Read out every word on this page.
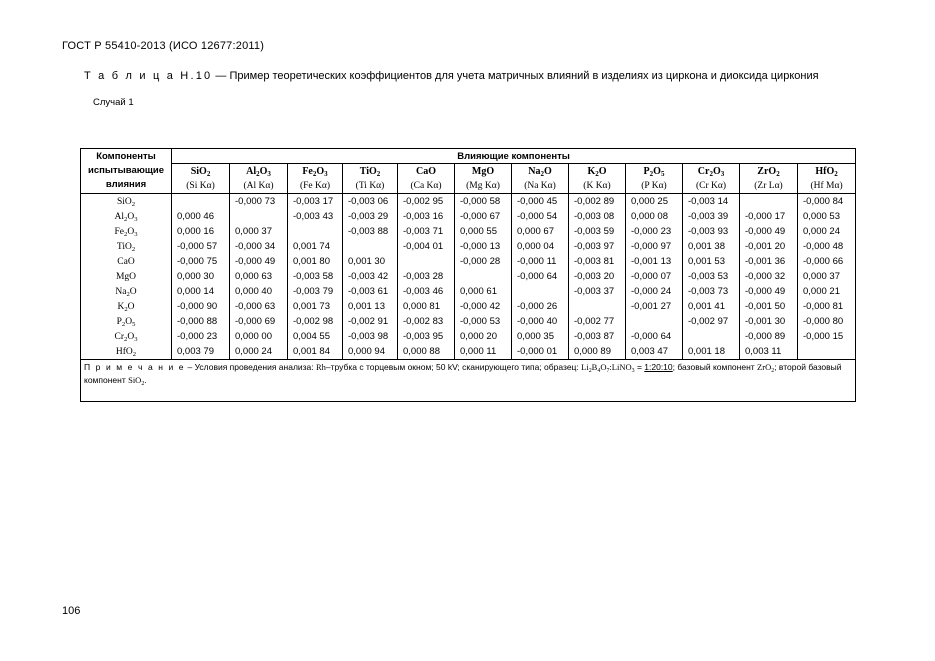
ГОСТ Р 55410-2013 (ИСО 12677:2011)
Т а б л и ц а Н.10 — Пример теоретических коэффициентов для учета матричных влияний в изделиях из циркона и диоксида циркония
Случай 1
Компоненты
испытывающие
влияния	Влияющие компоненты											
	SiO$_2$	$Al_2O_3$	$Fe_2O_3$	TiO$_2$	CaO	MgO	$Na_2O$	$K_2O$	$P_2O_5$	$Cr_2O_3$	ZrO$_2$	HfO$_2$
	(Si Kα)	(Al Kα)	(Fe Kα)	(Ti Kα)	(Ca Kα)	(Mg Kα)	(Na Kα)	(K Kα)	(P Kα)	(Cr Kα)	(Zr Lα)	(Hf Mα)
SiO$_2$		-0,000 73	-0,003 17	-0,003 06	-0,002 95	-0,000 58	-0,000 45	-0,002 89	0,000 25	-0,003 14		-0,000 84
$Al_2O_3$	0,000 46		-0,003 43	-0,003 29	-0,003 16	-0,000 67	-0,000 54	-0,003 08	0,000 08	-0,003 39	-0,000 17	0,000 53
$Fe_2O_3$	0,000 16	0,000 37		-0,003 88	-0,003 71	0,000 55	0,000 67	-0,003 59	-0,000 23	-0,003 93	-0,000 49	0,000 24
TiO$_2$	-0,000 57	-0,000 34	0,001 74		-0,004 01	-0,000 13	0,000 04	-0,003 97	-0,000 97	0,001 38	-0,001 20	-0,000 48
CaO	-0,000 75	-0,000 49	0,001 80	0,001 30		-0,000 28	-0,000 11	-0,003 81	-0,001 13	0,001 53	-0,001 36	-0,000 66
MgO	0,000 30	0,000 63	-0,003 58	-0,003 42	-0,003 28		-0,000 64	-0,003 20	-0,000 07	-0,003 53	-0,000 32	0,000 37
$Na_2O$	0,000 14	0,000 40	-0,003 79	-0,003 61	-0,003 46	0,000 61		-0,003 37	-0,000 24	-0,003 73	-0,000 49	0,000 21
$K_2O$	-0,000 90	-0,000 63	0,001 73	0,001 13	0,000 81	-0,000 42	-0,000 26		-0,001 27	0,001 41	-0,001 50	-0,000 81
$P_2O_5$	-0,000 88	-0,000 69	-0,002 98	-0,002 91	-0,002 83	-0,000 53	-0,000 40	-0,002 77		-0,002 97	-0,001 30	-0,000 80
$Cr_2O_3$	-0,000 23	0,000 00	0,004 55	-0,003 98	-0,003 95	0,000 20	0,000 35	-0,003 87	-0,000 64		-0,000 89	-0,000 15
HfO$_2$	0,003 79	0,000 24	0,001 84	0,000 94	0,000 88	0,000 11	-0,000 01	0,000 89	0,003 47	0,001 18	0,003 11	
П р и м е ч а н и е – Условия проведения анализа: Rh–трубка с торцевым окном; 50 kV; сканирующего типа; образец: $Li_2B_4O_7:LiNO_3$ = 1:20:10; базовый компонент ZrO$_2$; второй базовый компонент SiO$_2$.												
106
